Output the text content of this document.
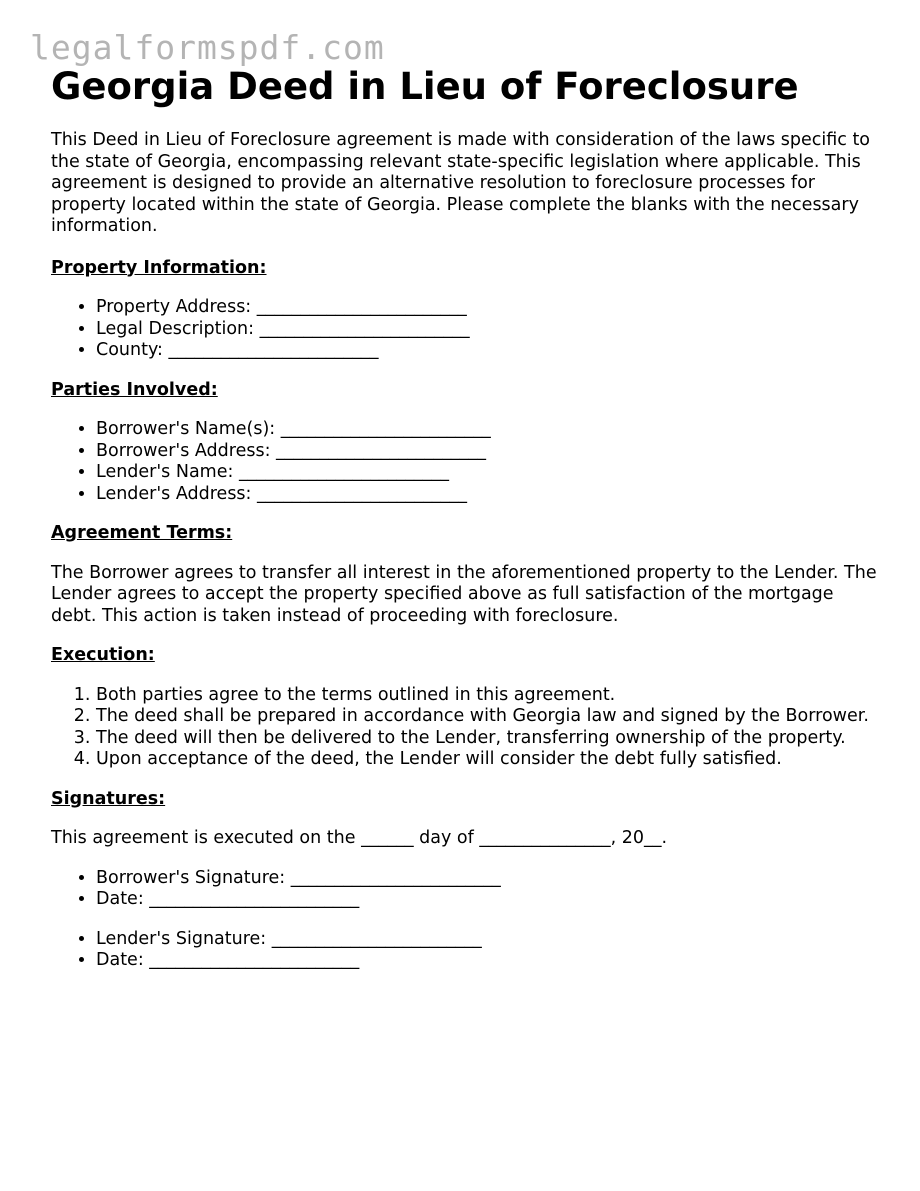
legalformspdf.com
Georgia Deed in Lieu of Foreclosure

This Deed in Lieu of Foreclosure agreement is made with consideration of the laws specific to the state of Georgia, encompassing relevant state-specific legislation where applicable. This agreement is designed to provide an alternative resolution to foreclosure processes for property located within the state of Georgia. Please complete the blanks with the necessary information.

Property Information:
• Property Address: ________________________
• Legal Description: ________________________
• County: ________________________
Parties Involved:
• Borrower's Name(s): ________________________
• Borrower's Address: ________________________
• Lender's Name: ________________________
• Lender's Address: ________________________
Agreement Terms:

The Borrower agrees to transfer all interest in the aforementioned property to the Lender. The Lender agrees to accept the property specified above as full satisfaction of the mortgage debt. This action is taken instead of proceeding with foreclosure.

Execution:
1. Both parties agree to the terms outlined in this agreement.
2. The deed shall be prepared in accordance with Georgia law and signed by the Borrower.
3. The deed will then be delivered to the Lender, transferring ownership of the property.
4. Upon acceptance of the deed, the Lender will consider the debt fully satisfied.
Signatures:

This agreement is executed on the ______ day of _______________, 20__.

• Borrower's Signature: ________________________
• Date: ________________________
• Lender's Signature: ________________________
• Date: ________________________
